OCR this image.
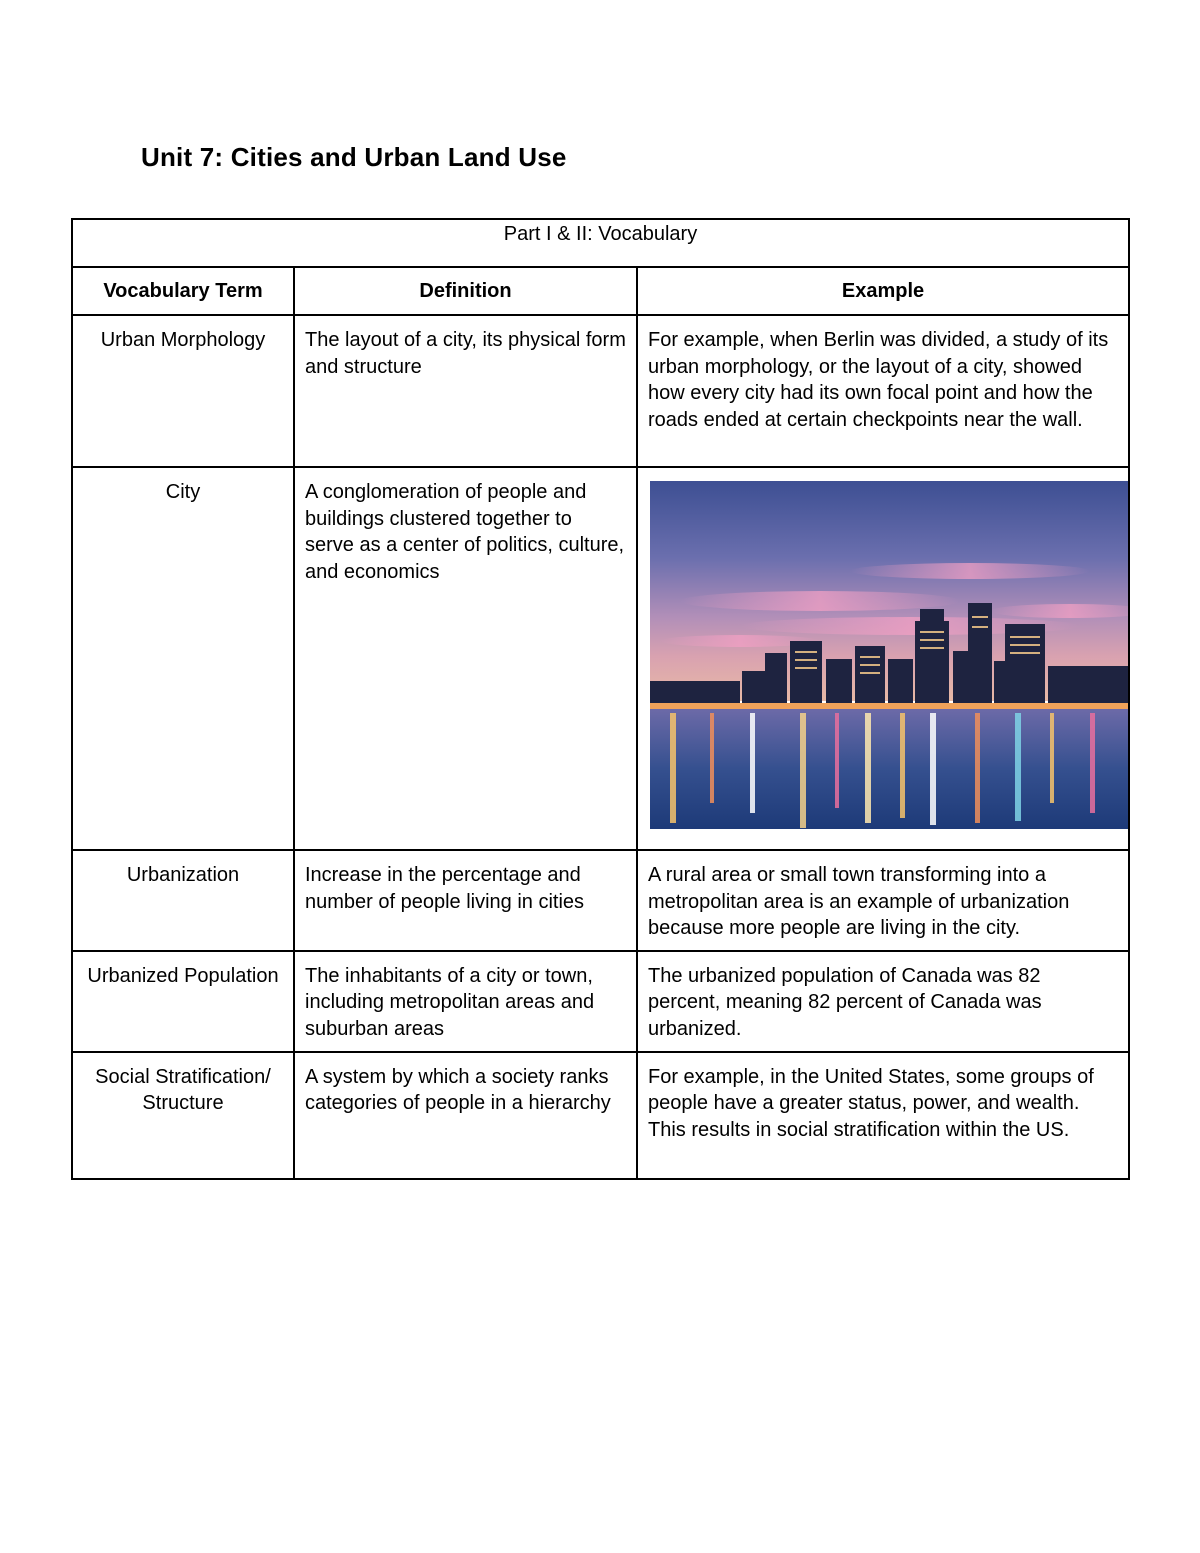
Unit 7: Cities and Urban Land Use
Part I & II: Vocabulary		
Vocabulary Term	Definition	Example
Urban Morphology	The layout of a city, its physical form and structure	For example, when Berlin was divided, a study of its urban morphology, or the layout of a city, showed how every city had its own focal point and how the roads ended at certain checkpoints near the wall.
City	A conglomeration of people and buildings clustered together to serve as a center of politics, culture, and economics	

Urbanization	Increase in the percentage and number of people living in cities	A rural area or small town transforming into a metropolitan area is an example of urbanization because more people are living in the city.
Urbanized Population	The inhabitants of a city or town, including metropolitan areas and suburban areas	The urbanized population of Canada was 82 percent, meaning 82 percent of Canada was urbanized.
Social Stratification/ Structure	A system by which a society ranks categories of people in a hierarchy	For example, in the United States, some groups of people have a greater status, power, and wealth. This results in social stratification within the US.
